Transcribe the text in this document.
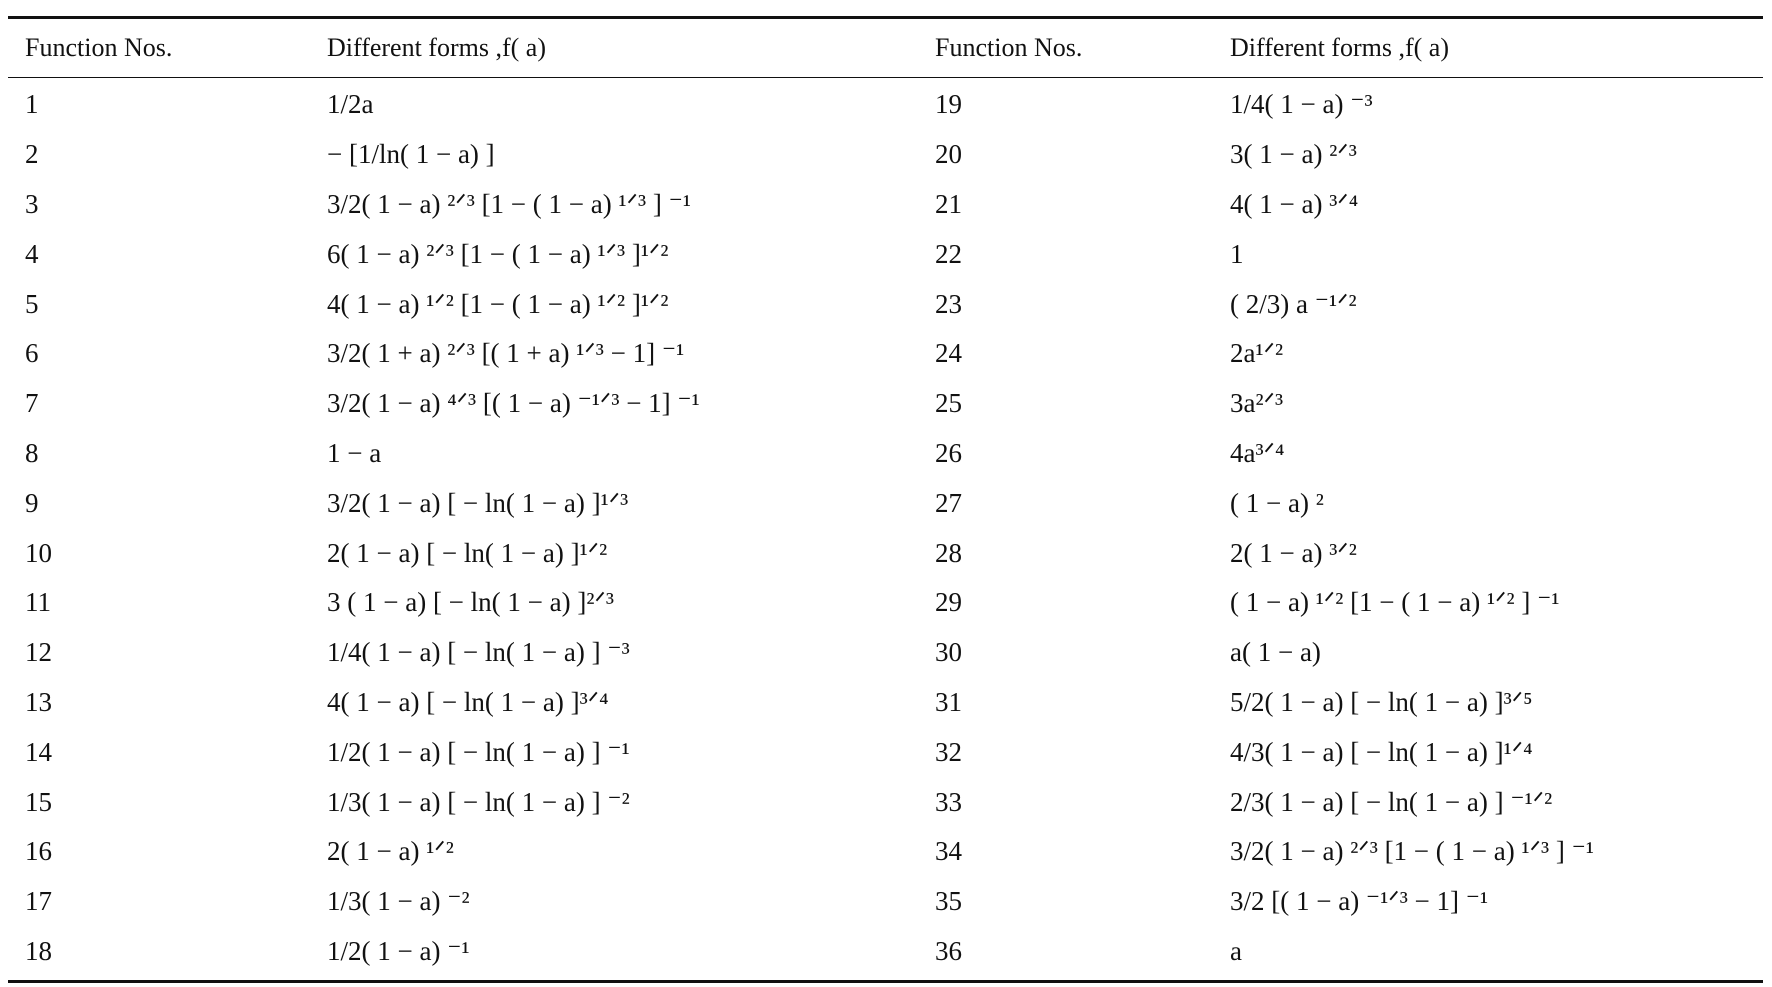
Function Nos.	Different forms ,f( a)	Function Nos.	Different forms ,f( a)
1	1/2a	19	1/4( 1 − a) ⁻³
2	− [1/ln( 1 − a) ]	20	3( 1 − a) ²ᐟ³
3	3/2( 1 − a) ²ᐟ³ [1 − ( 1 − a) ¹ᐟ³ ] ⁻¹	21	4( 1 − a) ³ᐟ⁴
4	6( 1 − a) ²ᐟ³ [1 − ( 1 − a) ¹ᐟ³ ]¹ᐟ²	22	1
5	4( 1 − a) ¹ᐟ² [1 − ( 1 − a) ¹ᐟ² ]¹ᐟ²	23	( 2/3) a ⁻¹ᐟ²
6	3/2( 1 + a) ²ᐟ³ [( 1 + a) ¹ᐟ³ − 1] ⁻¹	24	2a¹ᐟ²
7	3/2( 1 − a) ⁴ᐟ³ [( 1 − a) ⁻¹ᐟ³ − 1] ⁻¹	25	3a²ᐟ³
8	1 − a	26	4a³ᐟ⁴
9	3/2( 1 − a) [ − ln( 1 − a) ]¹ᐟ³	27	( 1 − a) ²
10	2( 1 − a) [ − ln( 1 − a) ]¹ᐟ²	28	2( 1 − a) ³ᐟ²
11	3 ( 1 − a) [ − ln( 1 − a) ]²ᐟ³	29	( 1 − a) ¹ᐟ² [1 − ( 1 − a) ¹ᐟ² ] ⁻¹
12	1/4( 1 − a) [ − ln( 1 − a) ] ⁻³	30	a( 1 − a)
13	4( 1 − a) [ − ln( 1 − a) ]³ᐟ⁴	31	5/2( 1 − a) [ − ln( 1 − a) ]³ᐟ⁵
14	1/2( 1 − a) [ − ln( 1 − a) ] ⁻¹	32	4/3( 1 − a) [ − ln( 1 − a) ]¹ᐟ⁴
15	1/3( 1 − a) [ − ln( 1 − a) ] ⁻²	33	2/3( 1 − a) [ − ln( 1 − a) ] ⁻¹ᐟ²
16	2( 1 − a) ¹ᐟ²	34	3/2( 1 − a) ²ᐟ³ [1 − ( 1 − a) ¹ᐟ³ ] ⁻¹
17	1/3( 1 − a) ⁻²	35	3/2 [( 1 − a) ⁻¹ᐟ³ − 1] ⁻¹
18	1/2( 1 − a) ⁻¹	36	a
